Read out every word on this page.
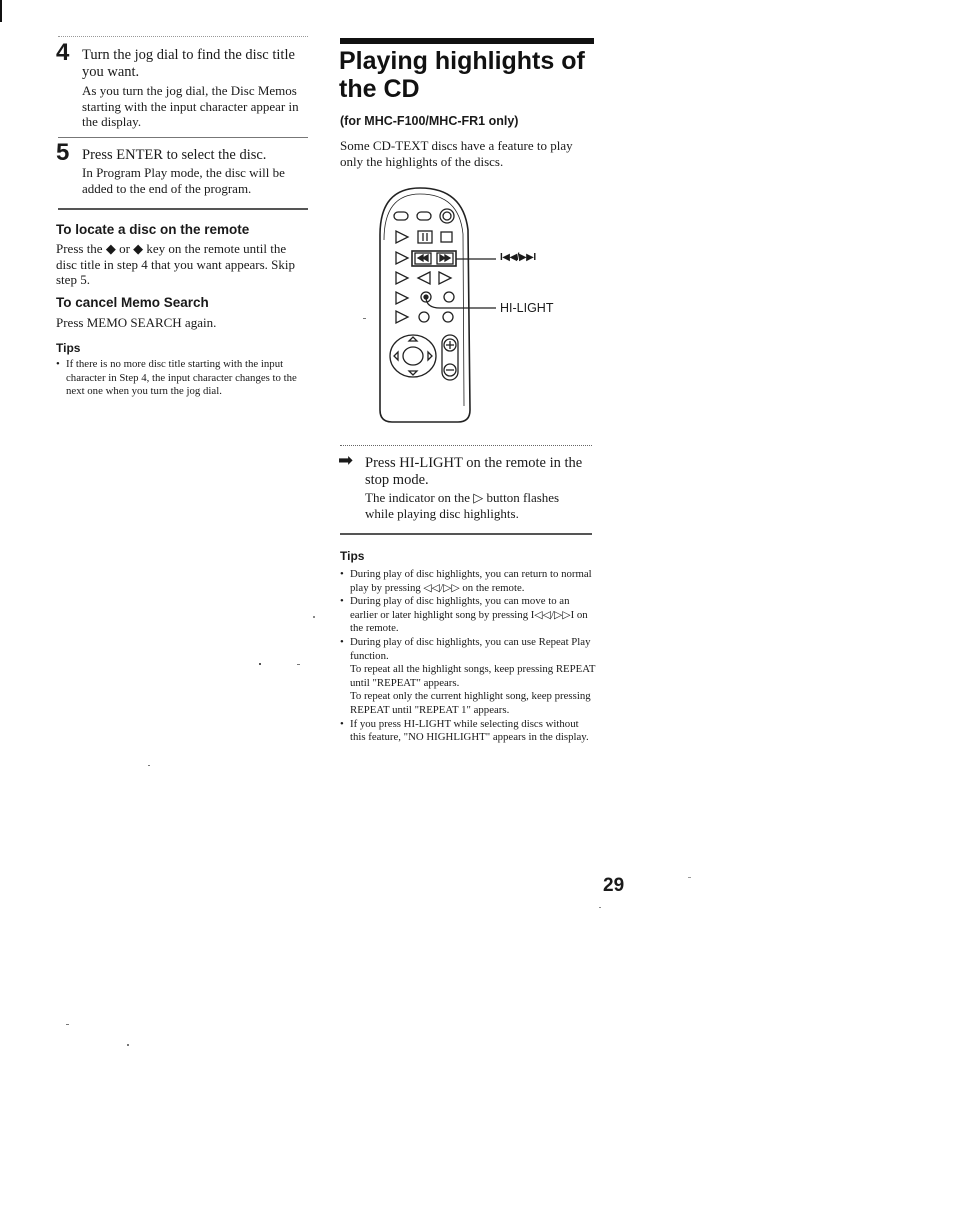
4 Turn the jog dial to find the disc title you want.
As you turn the jog dial, the Disc Memos starting with the input character appear in the display.
5 Press ENTER to select the disc.
In Program Play mode, the disc will be added to the end of the program.
To locate a disc on the remote
Press the ◆ or ◆ key on the remote until the disc title in step 4 that you want appears. Skip step 5.
To cancel Memo Search
Press MEMO SEARCH again.
Tips
• If there is no more disc title starting with the input character in Step 4, the input character changes to the next one when you turn the jog dial.
Playing highlights of the CD
(for MHC-F100/MHC-FR1 only)
Some CD-TEXT discs have a feature to play only the highlights of the discs.
I◀◀/▶▶I
HI-LIGHT
➡ Press HI-LIGHT on the remote in the stop mode.
The indicator on the ▷ button flashes while playing disc highlights.
Tips
• During play of disc highlights, you can return to normal play by pressing ◁◁/▷▷ on the remote.
• During play of disc highlights, you can move to an earlier or later highlight song by pressing I◁◁/▷▷I on the remote.
• During play of disc highlights, you can use Repeat Play function.
To repeat all the highlight songs, keep pressing REPEAT until "REPEAT" appears.
To repeat only the current highlight song, keep pressing REPEAT until "REPEAT 1" appears.
• If you press HI-LIGHT while selecting discs without this feature, "NO HIGHLIGHT" appears in the display.
29
